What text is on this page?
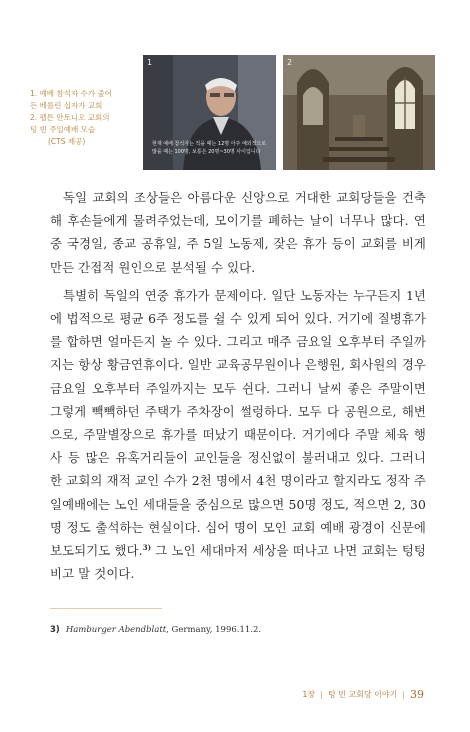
1. 예배 참석자 수가 줄어
든 베를린 십자가 교회
2. 펠튼 안토니오 교회의
텅 빈 주일예배 모습
(CTS 제공)
1
현재 예배 참석자는 적을 때는 12명 아주 예외적으로
많을 때는 100명, 보통은 20명~30명 사이입니다
2

독일 교회의 조상들은 아름다운 신앙으로 거대한 교회당들을 건축해 후손들에게 물려주었는데, 모이기를 폐하는 날이 너무나 많다. 연중 국경일, 종교 공휴일, 주 5일 노동제, 잦은 휴가 등이 교회를 비게 만든 간접적 원인으로 분석될 수 있다.

특별히 독일의 연중 휴가가 문제이다. 일단 노동자는 누구든지 1년에 법적으로 평균 6주 정도를 쉴 수 있게 되어 있다. 거기에 질병휴가를 합하면 얼마든지 놀 수 있다. 그리고 매주 금요일 오후부터 주일까지는 항상 황금연휴이다. 일반 교육공무원이나 은행원, 회사원의 경우 금요일 오후부터 주일까지는 모두 쉰다. 그러니 날씨 좋은 주말이면 그렇게 빽빽하던 주택가 주차장이 썰렁하다. 모두 다 공원으로, 해변으로, 주말별장으로 휴가를 떠났기 때문이다. 거기에다 주말 체육 행사 등 많은 유혹거리들이 교인들을 정신없이 불러내고 있다. 그러니 한 교회의 재적 교인 수가 2천 명에서 4천 명이라고 할지라도 정작 주일예배에는 노인 세대들을 중심으로 많으면 50명 정도, 적으면 2, 30명 정도 출석하는 현실이다. 심어 명이 모인 교회 예배 광경이 신문에 보도되기도 했다.$^{3)}$ 그 노인 세대마저 세상을 떠나고 나면 교회는 텅텅 비고 말 것이다.

3) Hamburger Abendblatt, Germany, 1996.11.2.
1장 | 텅 빈 교회당 이야기 | 39
